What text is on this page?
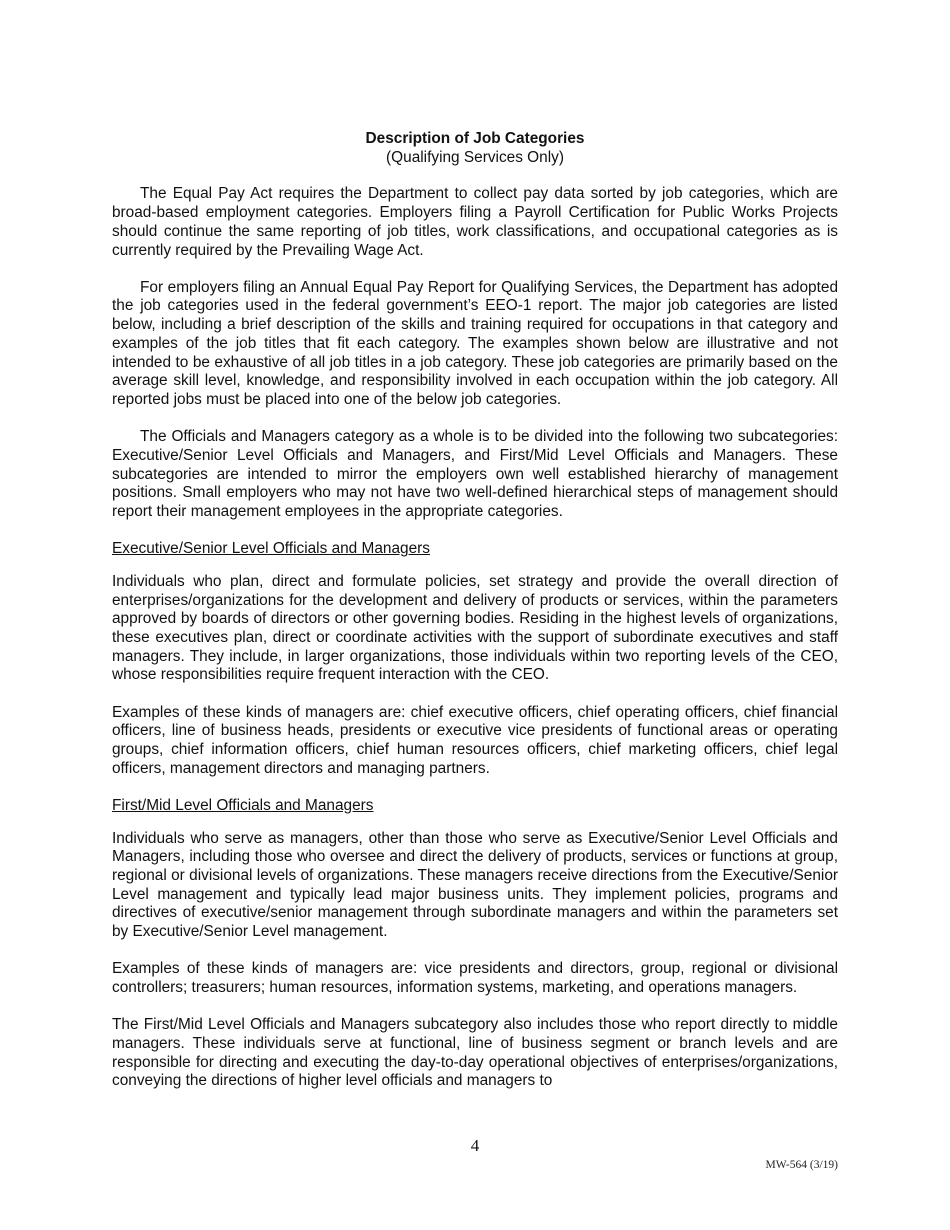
Description of Job Categories

(Qualifying Services Only)

The Equal Pay Act requires the Department to collect pay data sorted by job categories, which are broad-based employment categories. Employers filing a Payroll Certification for Public Works Projects should continue the same reporting of job titles, work classifications, and occupational categories as is currently required by the Prevailing Wage Act.

For employers filing an Annual Equal Pay Report for Qualifying Services, the Department has adopted the job categories used in the federal government’s EEO-1 report. The major job categories are listed below, including a brief description of the skills and training required for occupations in that category and examples of the job titles that fit each category. The examples shown below are illustrative and not intended to be exhaustive of all job titles in a job category. These job categories are primarily based on the average skill level, knowledge, and responsibility involved in each occupation within the job category. All reported jobs must be placed into one of the below job categories.

The Officials and Managers category as a whole is to be divided into the following two subcategories: Executive/Senior Level Officials and Managers, and First/Mid Level Officials and Managers. These subcategories are intended to mirror the employers own well established hierarchy of management positions. Small employers who may not have two well-defined hierarchical steps of management should report their management employees in the appropriate categories.

Executive/Senior Level Officials and Managers

Individuals who plan, direct and formulate policies, set strategy and provide the overall direction of enterprises/organizations for the development and delivery of products or services, within the parameters approved by boards of directors or other governing bodies. Residing in the highest levels of organizations, these executives plan, direct or coordinate activities with the support of subordinate executives and staff managers. They include, in larger organizations, those individuals within two reporting levels of the CEO, whose responsibilities require frequent interaction with the CEO.

Examples of these kinds of managers are: chief executive officers, chief operating officers, chief financial officers, line of business heads, presidents or executive vice presidents of functional areas or operating groups, chief information officers, chief human resources officers, chief marketing officers, chief legal officers, management directors and managing partners.

First/Mid Level Officials and Managers

Individuals who serve as managers, other than those who serve as Executive/Senior Level Officials and Managers, including those who oversee and direct the delivery of products, services or functions at group, regional or divisional levels of organizations. These managers receive directions from the Executive/Senior Level management and typically lead major business units. They implement policies, programs and directives of executive/senior management through subordinate managers and within the parameters set by Executive/Senior Level management.

Examples of these kinds of managers are: vice presidents and directors, group, regional or divisional controllers; treasurers; human resources, information systems, marketing, and operations managers.

The First/Mid Level Officials and Managers subcategory also includes those who report directly to middle managers. These individuals serve at functional, line of business segment or branch levels and are responsible for directing and executing the day-to-day operational objectives of enterprises/organizations, conveying the directions of higher level officials and managers to

4
MW-564 (3/19)
